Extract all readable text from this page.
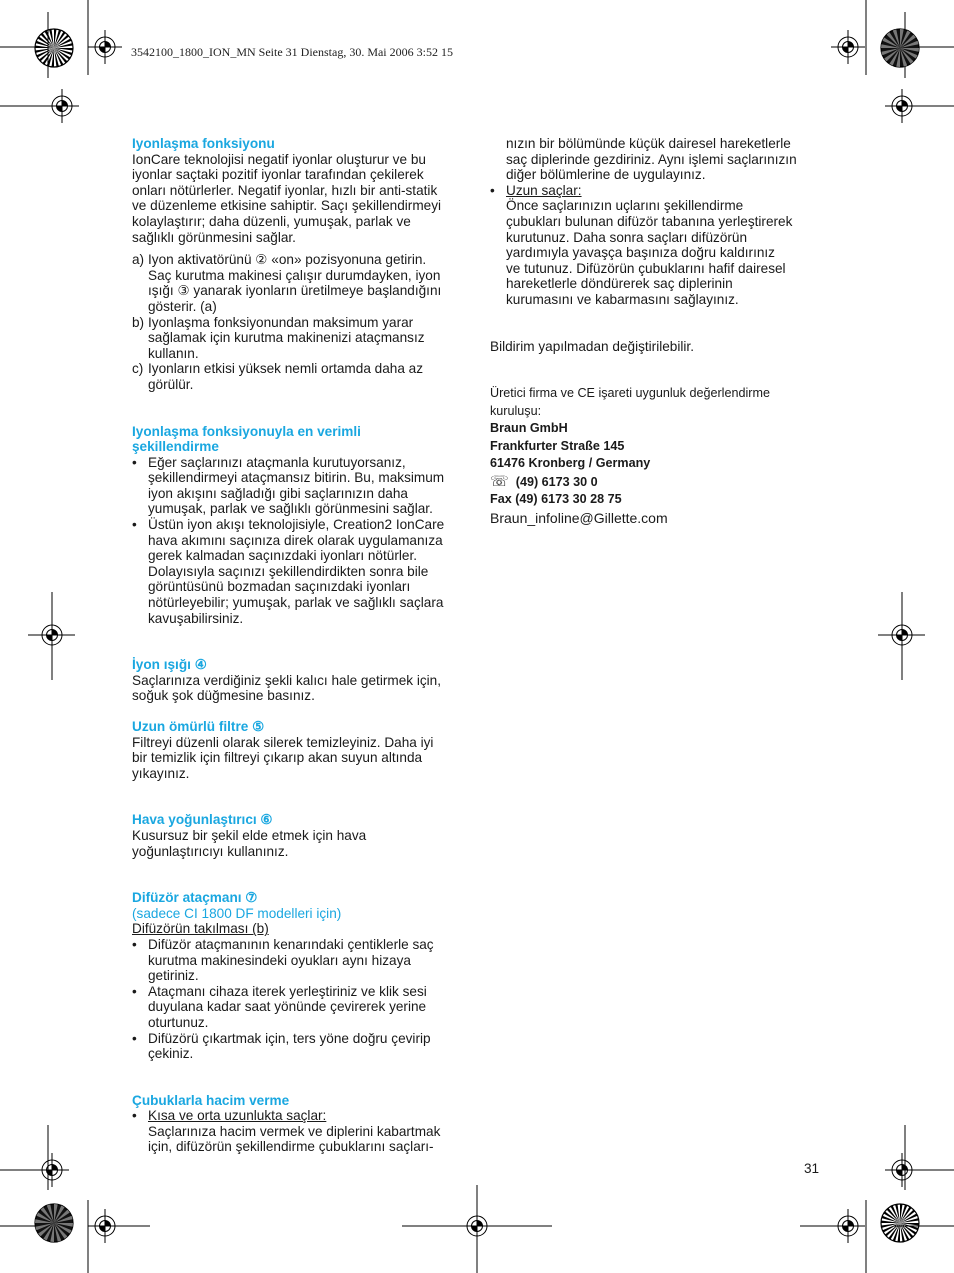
3542100_1800_ION_MN Seite 31 Dienstag, 30. Mai 2006 3:52 15

Iyonlaşma fonksiyonu

IonCare teknolojisi negatif iyonlar oluşturur ve bu

iyonlar saçtaki pozitif iyonlar tarafından çekilerek

onları nötürlerler. Negatif iyonlar, hızlı bir anti-statik

ve düzenleme etkisine sahiptir. Saçı şekillendirmeyi

kolaylaştırır; daha düzenli, yumuşak, parlak ve

sağlıklı görünmesini sağlar.

a) Iyon aktivatörünü ② «on» pozisyonuna getirin.

Saç kurutma makinesi çalışır durumdayken, iyon

ışığı ③ yanarak iyonların üretilmeye başlandığını

gösterir. (a)

b) Iyonlaşma fonksiyonundan maksimum yarar

sağlamak için kurutma makinenizi ataçmansız

kullanın.

c) Iyonların etkisi yüksek nemli ortamda daha az

görülür.

Iyonlaşma fonksiyonuyla en verimli
şekillendirme

• Eğer saçlarınızı ataçmanla kurutuyorsanız,

şekillendirmeyi ataçmansız bitirin. Bu, maksimum

iyon akışını sağladığı gibi saçlarınızın daha

yumuşak, parlak ve sağlıklı görünmesini sağlar.

• Üstün iyon akışı teknolojisiyle, Creation2 IonCare

hava akımını saçınıza direk olarak uygulamanıza

gerek kalmadan saçınızdaki iyonları nötürler.

Dolayısıyla saçınızı şekillendirdikten sonra bile

görüntüsünü bozmadan saçınızdaki iyonları

nötürleyebilir; yumuşak, parlak ve sağlıklı saçlara

kavuşabilirsiniz.

İyon ışığı ④

Saçlarınıza verdiğiniz şekli kalıcı hale getirmek için,

soğuk şok düğmesine basınız.

Uzun ömürlü filtre ⑤

Filtreyi düzenli olarak silerek temizleyiniz. Daha iyi

bir temizlik için filtreyi çıkarıp akan suyun altında

yıkayınız.

Hava yoğunlaştırıcı ⑥

Kusursuz bir şekil elde etmek için hava

yoğunlaştırıcıyı kullanınız.

Difüzör ataçmanı ⑦

(sadece CI 1800 DF modelleri için)

Difüzörün takılması (b)

• Difüzör ataçmanının kenarındaki çentiklerle saç

kurutma makinesindeki oyukları aynı hizaya

getiriniz.

• Ataçmanı cihaza iterek yerleştiriniz ve klik sesi

duyulana kadar saat yönünde çevirerek yerine

oturtunuz.

• Difüzörü çıkartmak için, ters yöne doğru çevirip

çekiniz.

Çubuklarla hacim verme

• Kısa ve orta uzunlukta saçlar:

Saçlarınıza hacim vermek ve diplerini kabartmak

için, difüzörün şekillendirme çubuklarını saçları-

nızın bir bölümünde küçük dairesel hareketlerle

saç diplerinde gezdiriniz. Aynı işlemi saçlarınızın

diğer bölümlerine de uygulayınız.

• Uzun saçlar:

Önce saçlarınızın uçlarını şekillendirme

çubukları bulunan difüzör tabanına yerleştirerek

kurutunuz. Daha sonra saçları difüzörün

yardımıyla yavaşça başınıza doğru kaldırınız

ve tutunuz. Difüzörün çubuklarını hafif dairesel

hareketlerle döndürerek saç diplerinin

kurumasını ve kabarmasını sağlayınız.

Bildirim yapılmadan değiştirilebilir.

Üretici firma ve CE işareti uygunluk değerlendirme

kuruluşu:

Braun GmbH

Frankfurter Straße 145

61476 Kronberg / Germany

☏ (49) 6173 30 0

Fax (49) 6173 30 28 75

Braun_infoline@Gillette.com

31
